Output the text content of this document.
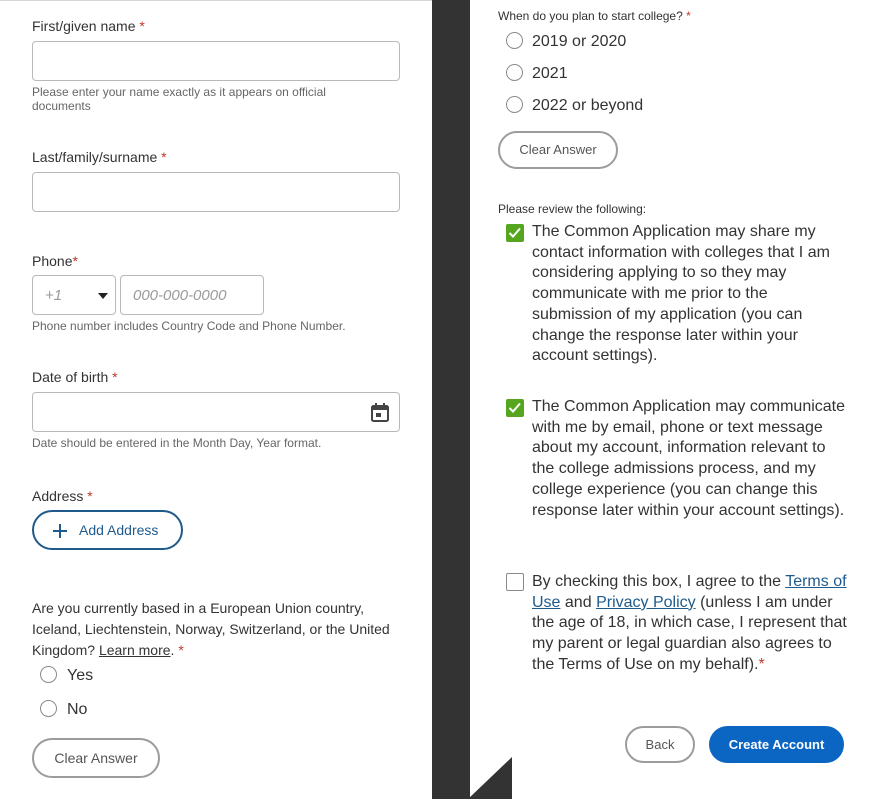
First/given name *
Please enter your name exactly as it appears on official documents
Last/family/surname *
Phone*
+1	000-000-0000
Phone number includes Country Code and Phone Number.
Date of birth *
Date should be entered in the Month Day, Year format.
Address *
Add Address
Are you currently based in a European Union country,
Iceland, Liechtenstein, Norway, Switzerland, or the United
Kingdom? Learn more. *
Yes
No
Clear Answer
When do you plan to start college? *
2019 or 2020
2021
2022 or beyond
Clear Answer
Please review the following:
The Common Application may share my contact information with colleges that I am considering applying to so they may communicate with me prior to the submission of my application (you can change the response later within your account settings).
The Common Application may communicate with me by email, phone or text message about my account, information relevant to the college admissions process, and my college experience (you can change this response later within your account settings).
By checking this box, I agree to the Terms of Use and Privacy Policy (unless I am under the age of 18, in which case, I represent that my parent or legal guardian also agrees to the Terms of Use on my behalf).*
Back	Create Account
